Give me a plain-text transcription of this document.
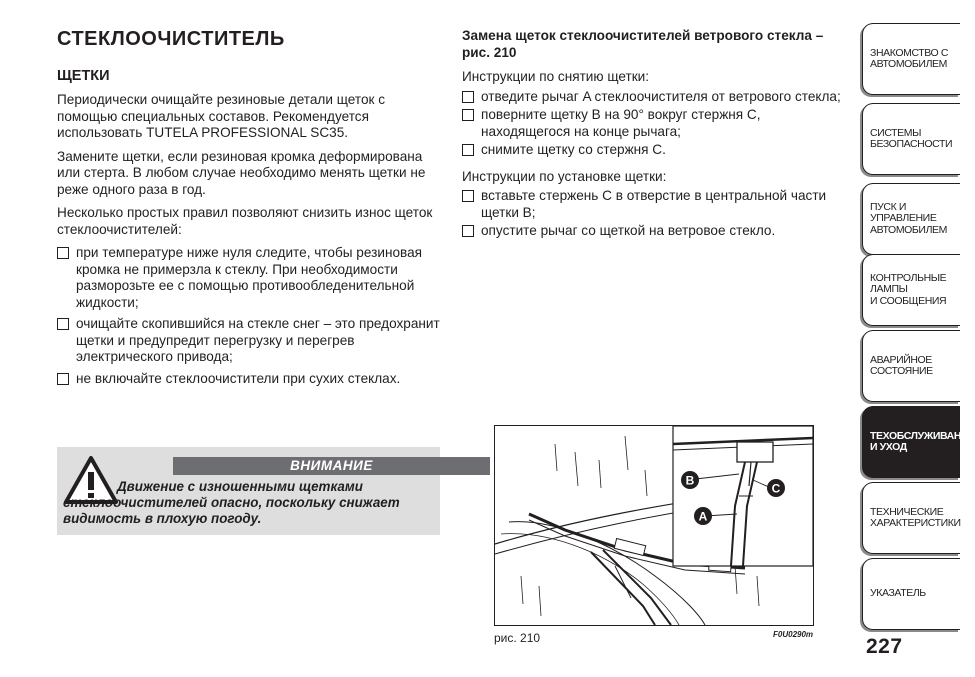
СТЕКЛООЧИСТИТЕЛЬ
ЩЕТКИ
Периодически очищайте резиновые детали щеток с помощью специальных составов. Рекомендуется использовать TUTELA PROFESSIONAL SC35.
Замените щетки, если резиновая кромка деформирована или стерта. В любом случае необходимо менять щетки не реже одного раза в год.
Несколько простых правил позволяют снизить износ щеток стеклоочистителей:
при температуре ниже нуля следите, чтобы резиновая кромка не примерзла к стеклу. При необходимости разморозьте ее с помощью противообледенительной жидкости;
очищайте скопившийся на стекле снег – это предохранит щетки и предупредит перегрузку и перегрев электрического привода;
не включайте стеклоочистители при сухих стеклах.
ВНИМАНИЕ
Движение с изношенными щетками стеклоочистителей опасно, поскольку снижает видимость в плохую погоду.
Замена щеток стеклоочистителей ветрового стекла – рис. 210
Инструкции по снятию щетки:
отведите рычаг A стеклоочистителя от ветрового стекла;
поверните щетку B на 90° вокруг стержня C, находящегося на конце рычага;
снимите щетку со стержня C.
Инструкции по установке щетки:
вставьте стержень C в отверстие в центральной части щетки B;
опустите рычаг со щеткой на ветровое стекло.
B
C
A
рис. 210	F0U0290m
227
ЗНАКОМСТВО С
АВТОМОБИЛЕМ
СИСТЕМЫ
БЕЗОПАСНОСТИ
ПУСК И УПРАВЛЕНИЕ
АВТОМОБИЛЕМ
КОНТРОЛЬНЫЕ
ЛАМПЫ
И СООБЩЕНИЯ
АВАРИЙНОЕ
СОСТОЯНИЕ
ТЕХОБСЛУЖИВАНИЕ
И УХОД
ТЕХНИЧЕСКИЕ
ХАРАКТЕРИСТИКИ
УКАЗАТЕЛЬ
